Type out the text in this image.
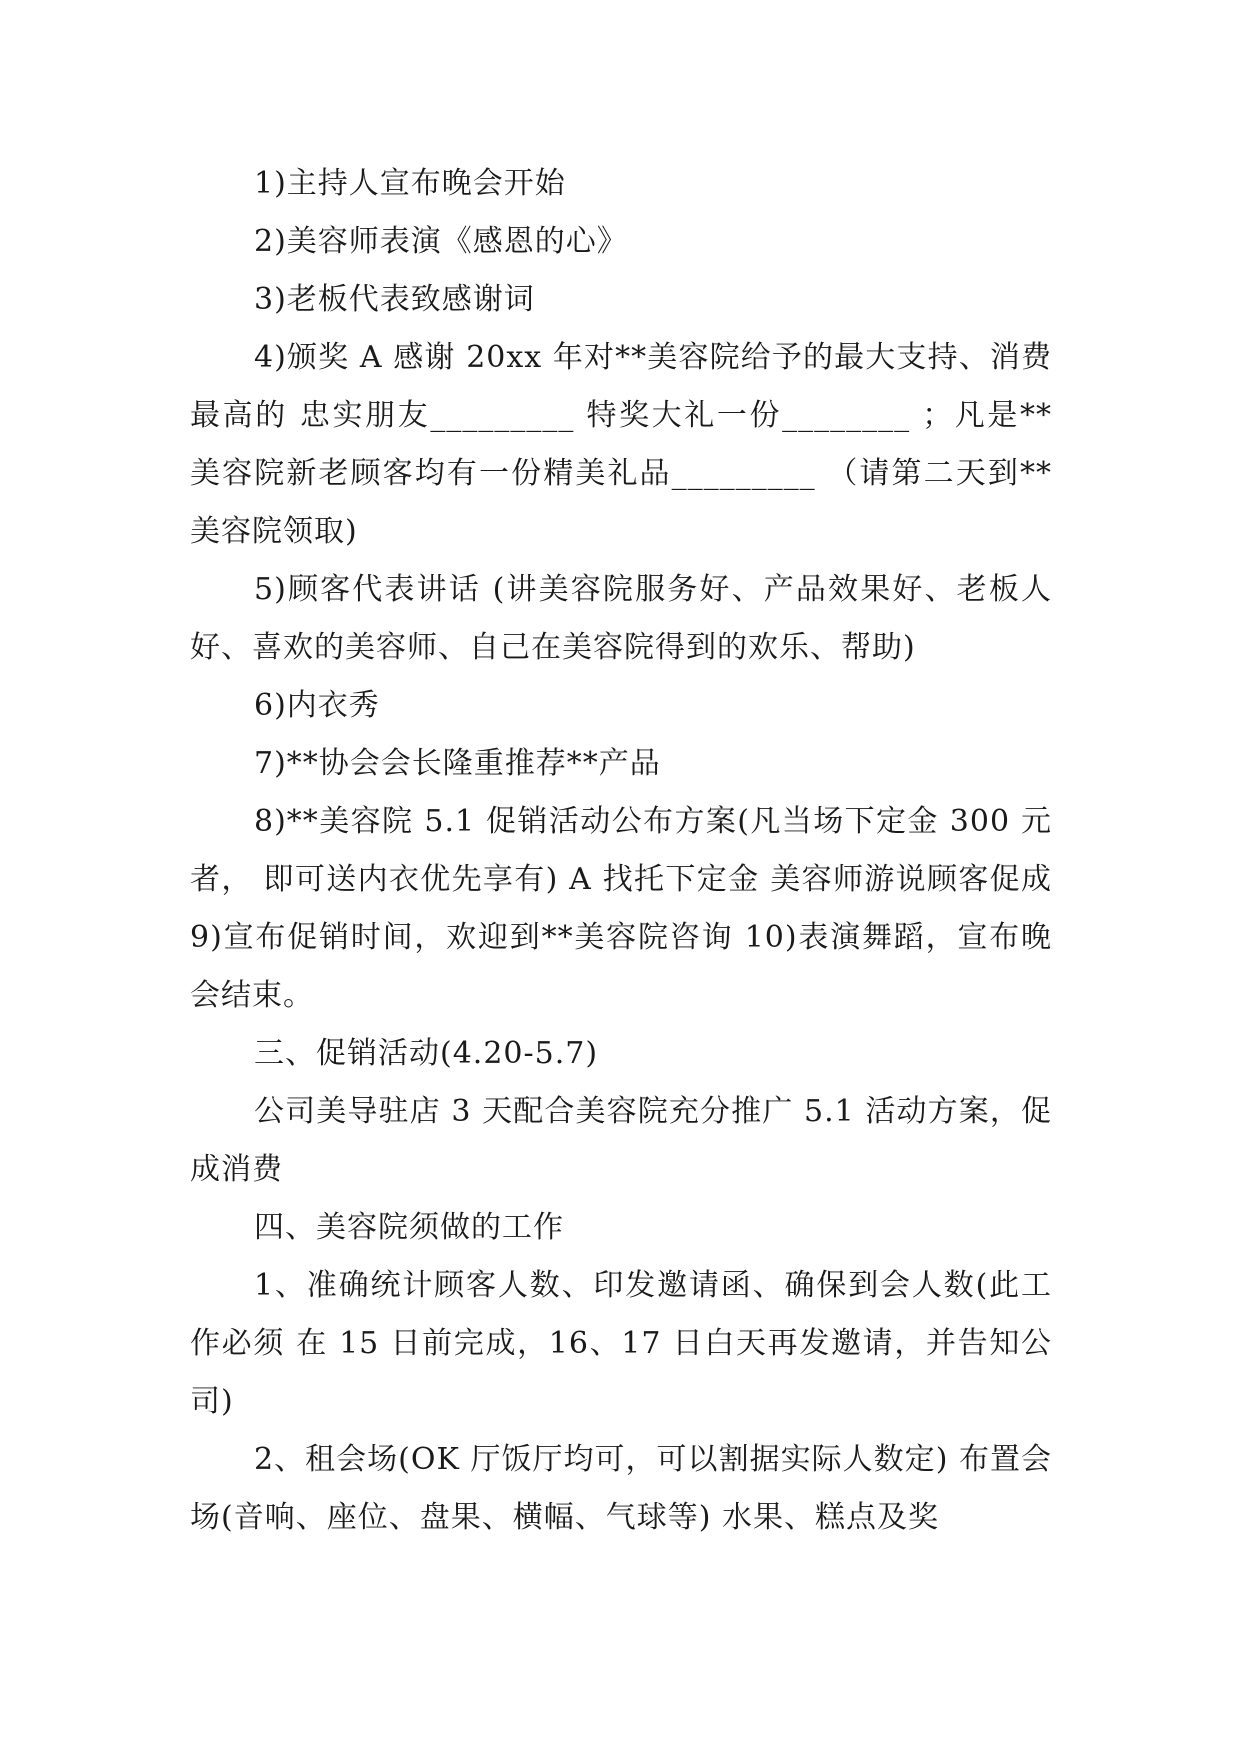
1)主持人宣布晚会开始

2)美容师表演《感恩的心》

3)老板代表致感谢词

4)颁奖 A 感谢 20xx 年对**美容院给予的最大支持、消费最高的 忠实朋友_________ 特奖大礼一份________ ；凡是**美容院新老顾客均有一份精美礼品_________ （请第二天到**美容院领取)

5)顾客代表讲话 (讲美容院服务好、产品效果好、老板人好、喜欢的美容师、自己在美容院得到的欢乐、帮助)

6)内衣秀

7)**协会会长隆重推荐**产品

8)**美容院 5.1 促销活动公布方案(凡当场下定金 300 元者， 即可送内衣优先享有) A 找托下定金 美容师游说顾客促成 9)宣布促销时间，欢迎到**美容院咨询 10)表演舞蹈，宣布晚会结束。

三、促销活动(4.20-5.7)

公司美导驻店 3 天配合美容院充分推广 5.1 活动方案，促成消费

四、美容院须做的工作

1、准确统计顾客人数、印发邀请函、确保到会人数(此工作必须 在 15 日前完成，16、17 日白天再发邀请，并告知公司)

2、租会场(OK 厅饭厅均可，可以割据实际人数定) 布置会场(音响、座位、盘果、横幅、气球等) 水果、糕点及奖
